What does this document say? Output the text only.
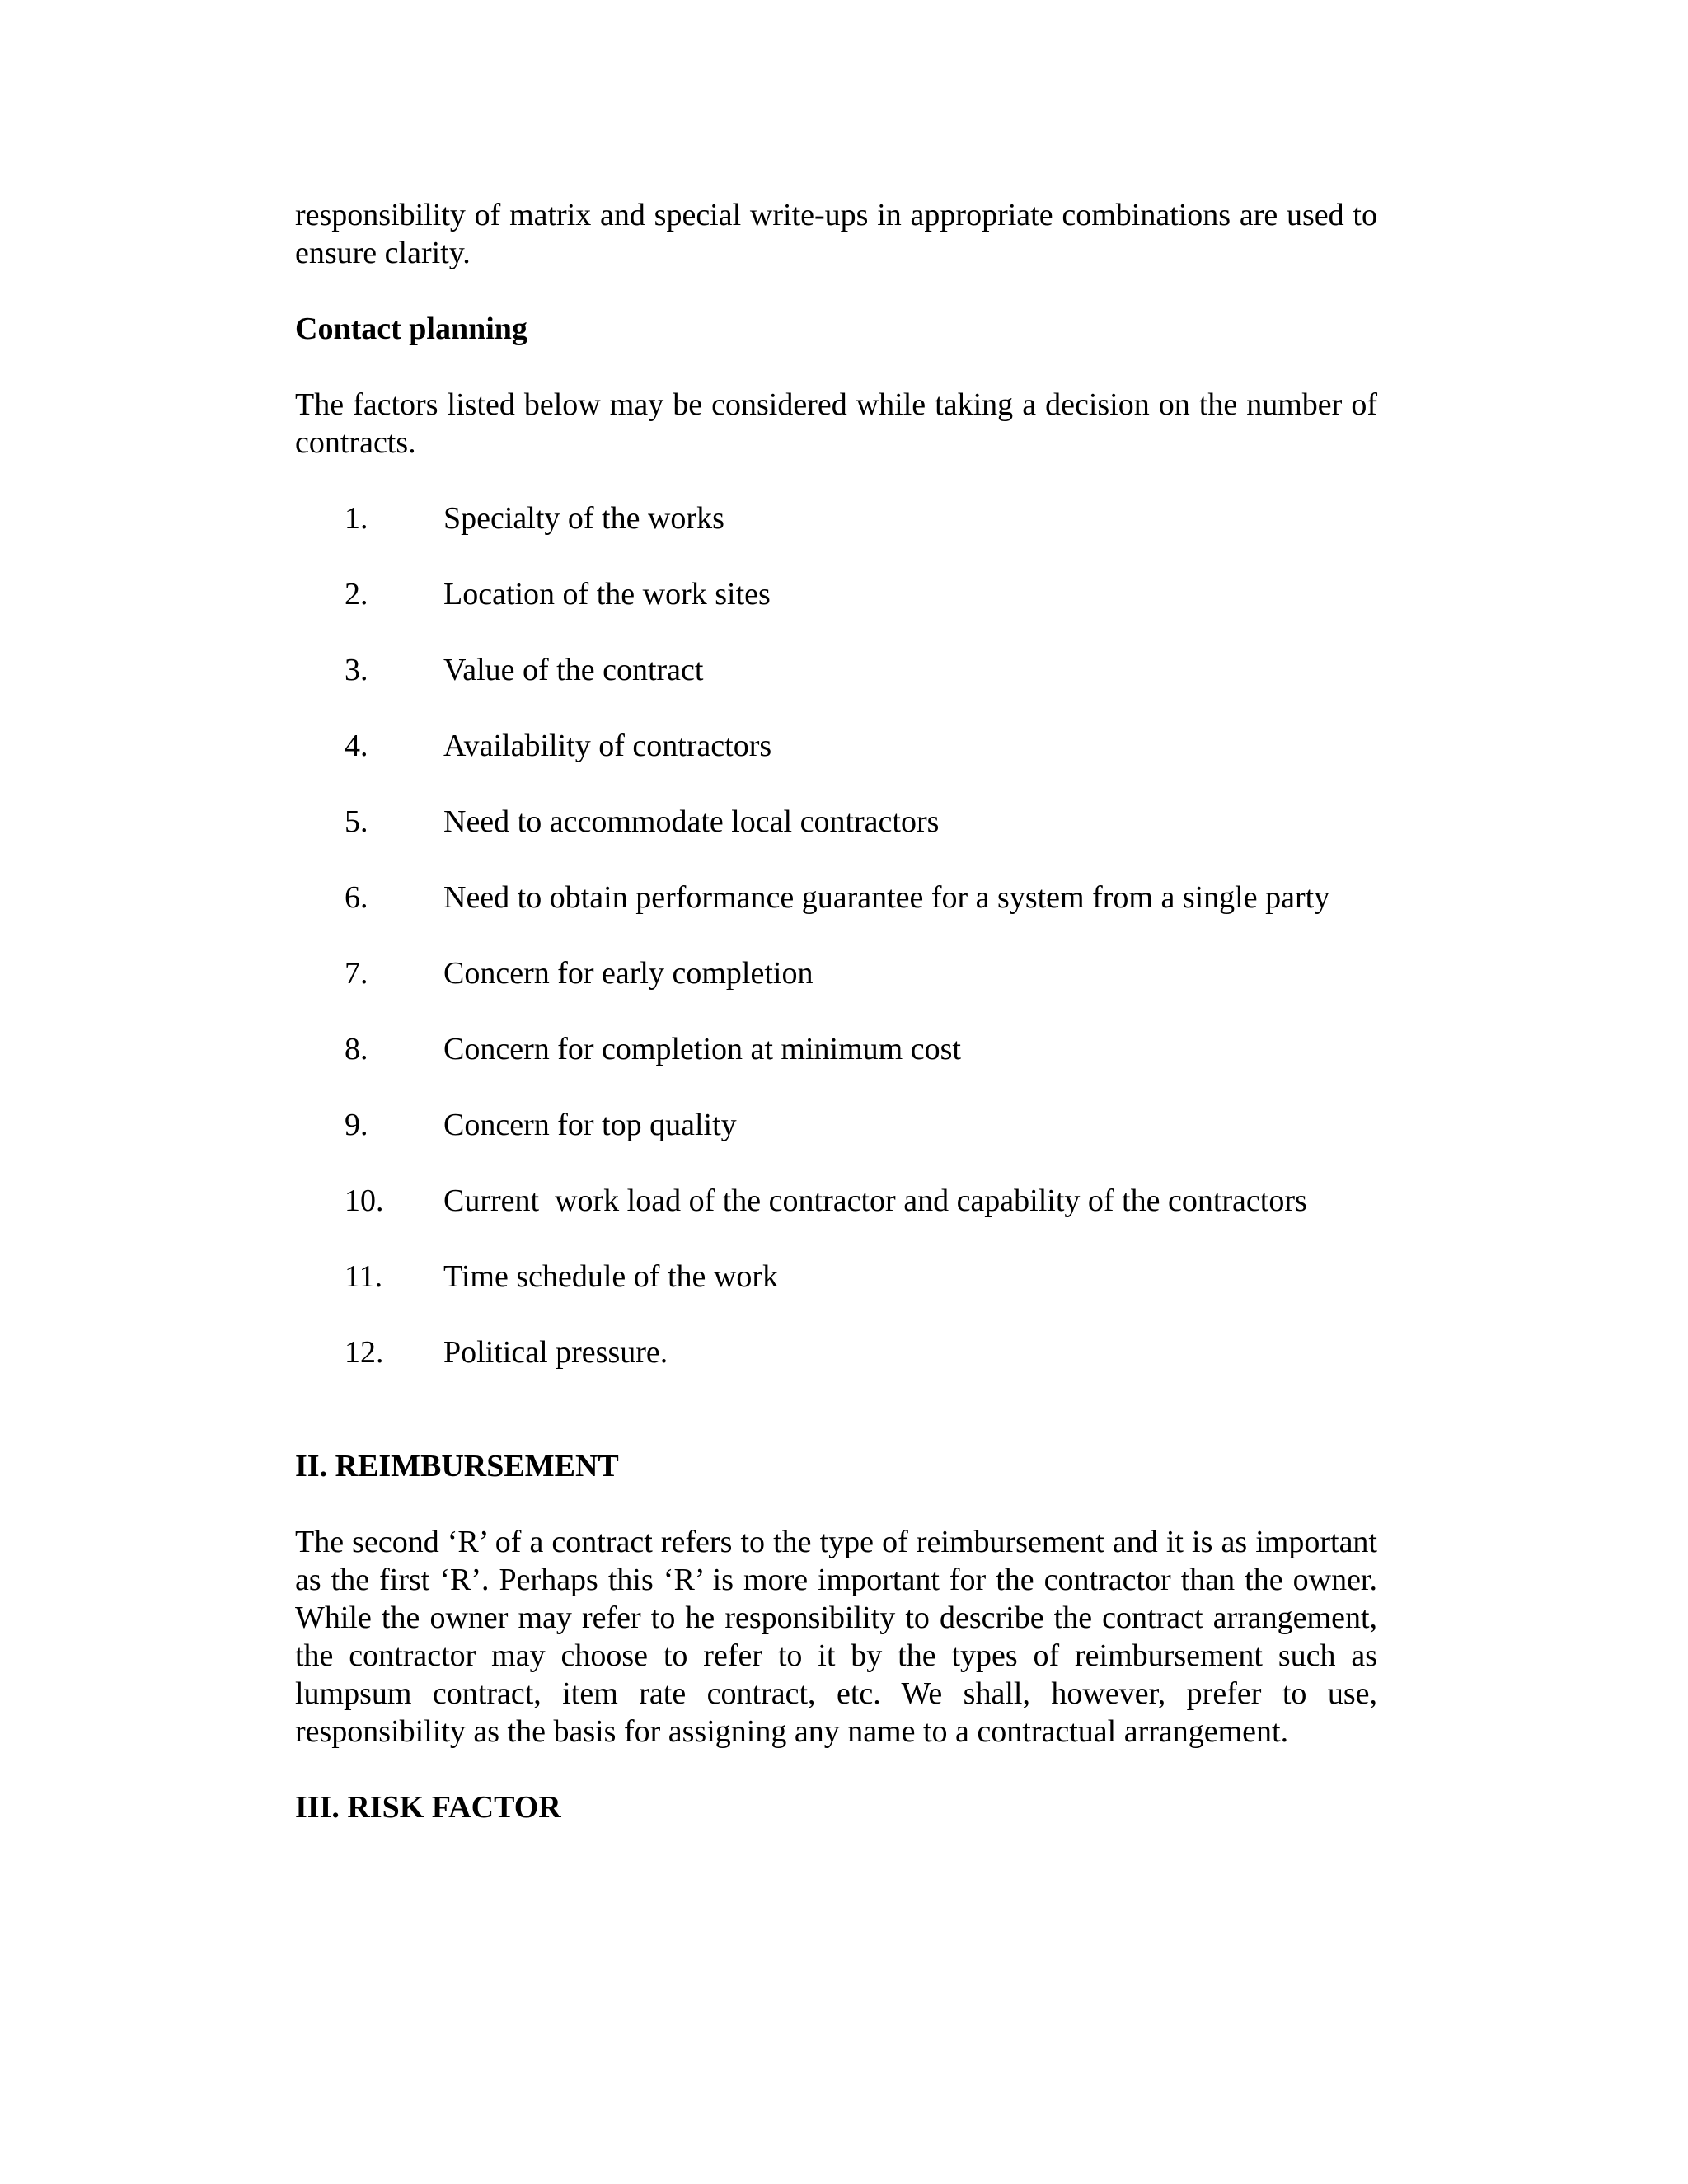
responsibility of matrix and special write-ups in appropriate combinations are used to ensure clarity.

Contact planning

The factors listed below may be considered while taking a decision on the number of contracts.

1.	Specialty of the works
2.	Location of the work sites
3.	Value of the contract
4.	Availability of contractors
5.	Need to accommodate local contractors
6.	Need to obtain performance guarantee for a system from a single party
7.	Concern for early completion
8.	Concern for completion at minimum cost
9.	Concern for top quality
10.	Current  work load of the contractor and capability of the contractors
11.	Time schedule of the work
12.	Political pressure.
II. REIMBURSEMENT

The second ‘R’ of a contract refers to the type of reimbursement and it is as important as the first ‘R’. Perhaps this ‘R’ is more important for the contractor than the owner. While the owner may refer to he responsibility to describe the contract arrangement, the contractor may choose to refer to it by the types of reimbursement such as lumpsum contract, item rate contract, etc. We shall, however, prefer to use, responsibility as the basis for assigning any name to a contractual arrangement.

III. RISK FACTOR
